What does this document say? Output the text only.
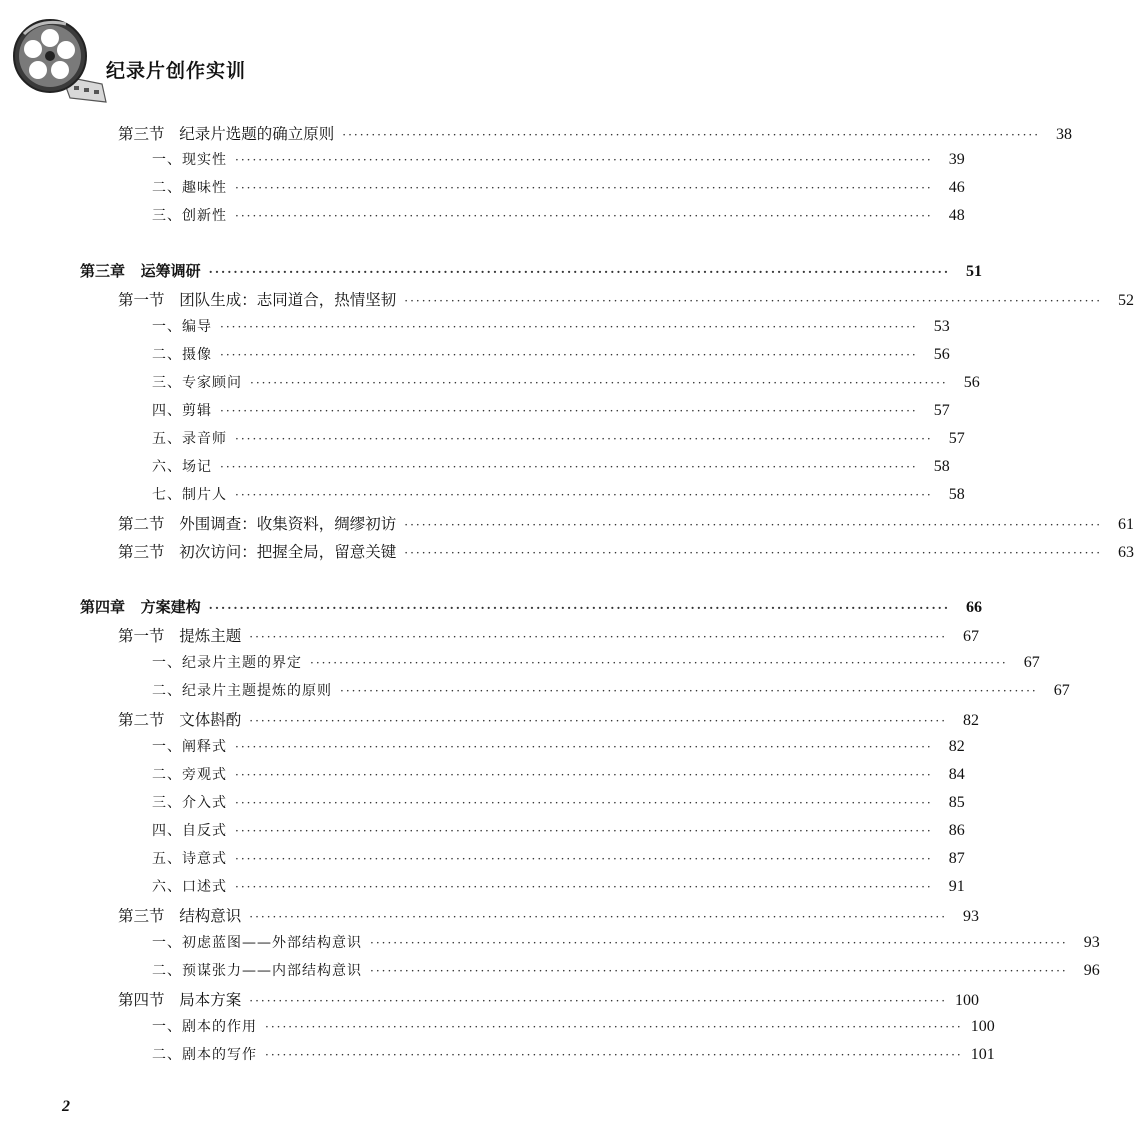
纪录片创作实训
第三节   纪录片选题的确立原则 ························································································································	38
一、现实性 ························································································································	39
二、趣味性 ························································································································	46
三、创新性 ························································································································	48
第三章   运筹调研 ························································································································	51
第一节   团队生成：志同道合，热情坚韧 ························································································································	52
一、编导 ························································································································	53
二、摄像 ························································································································	56
三、专家顾问 ························································································································	56
四、剪辑 ························································································································	57
五、录音师 ························································································································	57
六、场记 ························································································································	58
七、制片人 ························································································································	58
第二节   外围调查：收集资料，绸缪初访 ························································································································	61
第三节   初次访问：把握全局，留意关键 ························································································································	63
第四章   方案建构 ························································································································	66
第一节   提炼主题 ························································································································	67
一、纪录片主题的界定 ························································································································	67
二、纪录片主题提炼的原则 ························································································································	67
第二节   文体斟酌 ························································································································	82
一、阐释式 ························································································································	82
二、旁观式 ························································································································	84
三、介入式 ························································································································	85
四、自反式 ························································································································	86
五、诗意式 ························································································································	87
六、口述式 ························································································································	91
第三节   结构意识 ························································································································	93
一、初虑蓝图——外部结构意识 ························································································································	93
二、预谋张力——内部结构意识 ························································································································	96
第四节   局本方案 ························································································································ 100
一、剧本的作用 ························································································································ 100
二、剧本的写作 ························································································································ 101
2
